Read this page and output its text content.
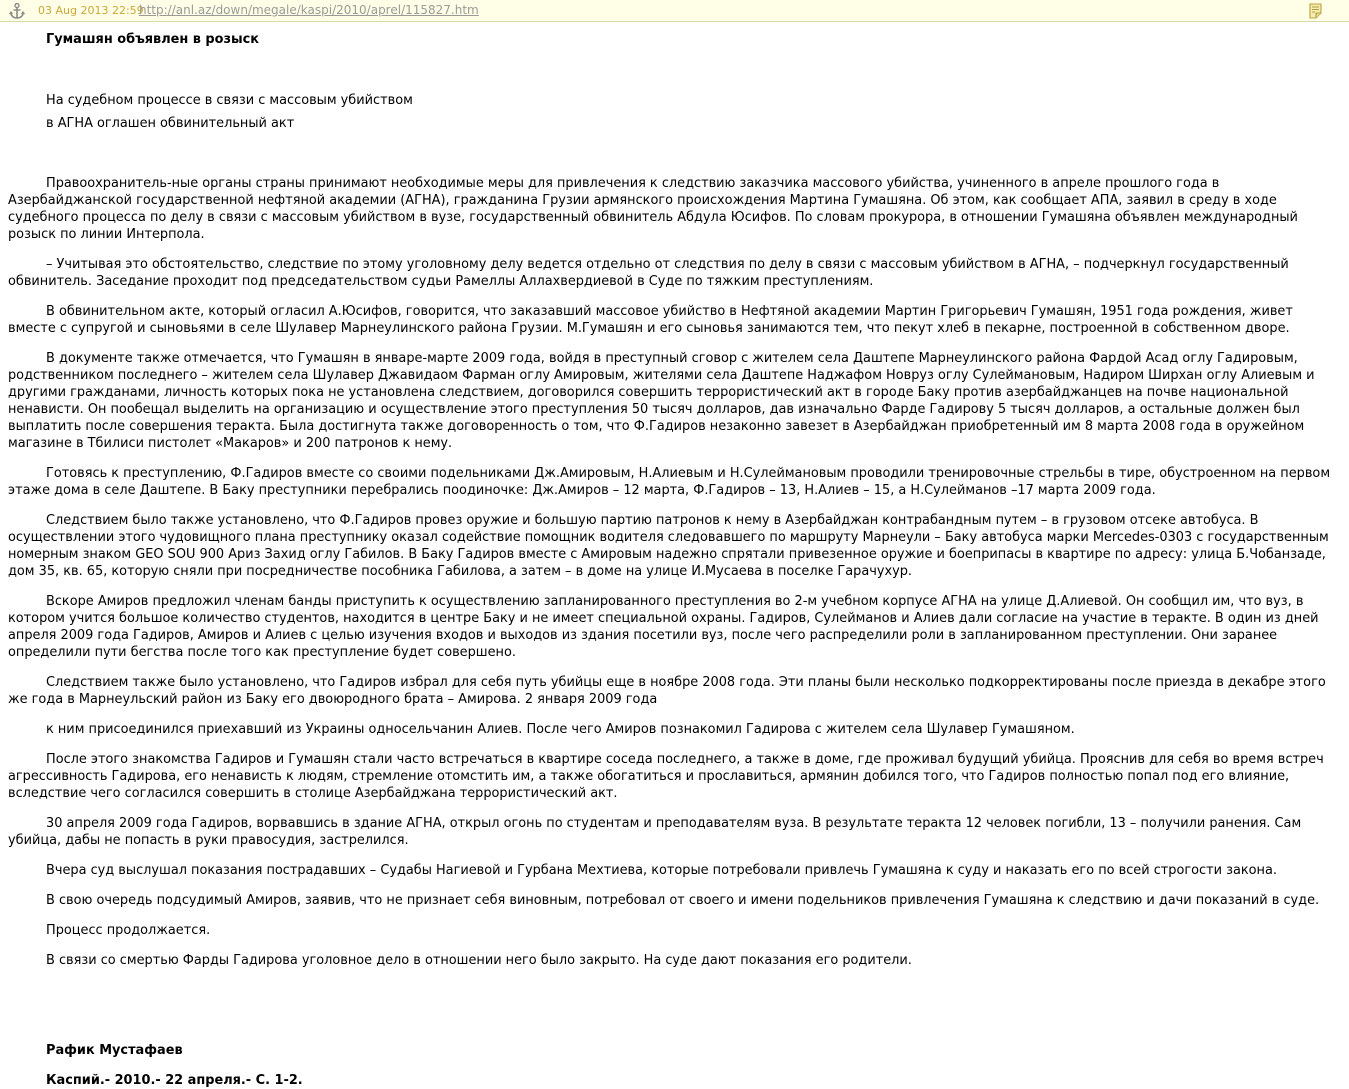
03 Aug 2013 22:59
http://anl.az/down/megale/kaspi/2010/aprel/115827.htm

Гумашян объявлен в розыск

На судебном процессе в связи с массовым убийством

в АГНА оглашен обвинительный акт

Правоохранитель-ные органы страны принимают необходимые меры для привлечения к следствию заказчика массового убийства, учиненного в апреле прошлого года в Азербайджанской государственной нефтяной академии (АГНА), гражданина Грузии армянского происхождения Мартина Гумашяна. Об этом, как сообщает АПА, заявил в среду в ходе судебного процесса по делу в связи с массовым убийством в вузе, государственный обвинитель Абдула Юсифов. По словам прокурора, в отношении Гумашяна объявлен международный розыск по линии Интерпола.

– Учитывая это обстоятельство, следствие по этому уголовному делу ведется отдельно от следствия по делу в связи с массовым убийством в АГНА, – подчеркнул государственный обвинитель. Заседание проходит под председательством судьи Рамеллы Аллахвердиевой в Суде по тяжким преступлениям.

В обвинительном акте, который огласил А.Юсифов, говорится, что заказавший массовое убийство в Нефтяной академии Мартин Григорьевич Гумашян, 1951 года рождения, живет вместе с супругой и сыновьями в селе Шулавер Марнеулинского района Грузии. М.Гумашян и его сыновья занимаются тем, что пекут хлеб в пекарне, построенной в собственном дворе.

В документе также отмечается, что Гумашян в январе-марте 2009 года, войдя в преступный сговор с жителем села Даштепе Марнеулинского района Фардой Асад оглу Гадировым, родственником последнего – жителем села Шулавер Джавидаом Фарман оглу Амировым, жителями села Даштепе Наджафом Новруз оглу Сулеймановым, Надиром Ширхан оглу Алиевым и другими гражданами, личность которых пока не установлена следствием, договорился совершить террористический акт в городе Баку против азербайджанцев на почве национальной ненависти. Он пообещал выделить на организацию и осуществление этого преступления 50 тысяч долларов, дав изначально Фарде Гадирову 5 тысяч долларов, а остальные должен был выплатить после совершения теракта. Была достигнута также договоренность о том, что Ф.Гадиров незаконно завезет в Азербайджан приобретенный им 8 марта 2008 года в оружейном магазине в Тбилиси пистолет «Макаров» и 200 патронов к нему.

Готовясь к преступлению, Ф.Гадиров вместе со своими подельниками Дж.Амировым, Н.Алиевым и Н.Сулеймановым проводили тренировочные стрельбы в тире, обустроенном на первом этаже дома в селе Даштепе. В Баку преступники перебрались поодиночке: Дж.Амиров – 12 марта, Ф.Гадиров – 13, Н.Алиев – 15, а Н.Сулейманов –17 марта 2009 года.

Следствием было также установлено, что Ф.Гадиров провез оружие и большую партию патронов к нему в Азербайджан контрабандным путем – в грузовом отсеке автобуса. В осуществлении этого чудовищного плана преступнику оказал содействие помощник водителя следовавшего по маршруту Марнеули – Баку автобуса марки Mercedes-0303 с государственным номерным знаком GEO SOU 900 Ариз Захид оглу Габилов. В Баку Гадиров вместе с Амировым надежно спрятали привезенное оружие и боеприпасы в квартире по адресу: улица Б.Чобанзаде, дом 35, кв. 65, которую сняли при посредничестве пособника Габилова, а затем – в доме на улице И.Мусаева в поселке Гарачухур.

Вскоре Амиров предложил членам банды приступить к осуществлению запланированного преступления во 2-м учебном корпусе АГНА на улице Д.Алиевой. Он сообщил им, что вуз, в котором учится большое количество студентов, находится в центре Баку и не имеет специальной охраны. Гадиров, Сулейманов и Алиев дали согласие на участие в теракте. В один из дней апреля 2009 года Гадиров, Амиров и Алиев с целью изучения входов и выходов из здания посетили вуз, после чего распределили роли в запланированном преступлении. Они заранее определили пути бегства после того как преступление будет совершено.

Следствием также было установлено, что Гадиров избрал для себя путь убийцы еще в ноябре 2008 года. Эти планы были несколько подкорректированы после приезда в декабре этого же года в Марнеульский район из Баку его двоюродного брата – Амирова. 2 января 2009 года

к ним присоединился приехавший из Украины односельчанин Алиев. После чего Амиров познакомил Гадирова с жителем села Шулавер Гумашяном.

После этого знакомства Гадиров и Гумашян стали часто встречаться в квартире соседа последнего, а также в доме, где проживал будущий убийца. Прояснив для себя во время встреч агрессивность Гадирова, его ненависть к людям, стремление отомстить им, а также обогатиться и прославиться, армянин добился того, что Гадиров полностью попал под его влияние, вследствие чего согласился совершить в столице Азербайджана террористический акт.

30 апреля 2009 года Гадиров, ворвавшись в здание АГНА, открыл огонь по студентам и преподавателям вуза. В результате теракта 12 человек погибли, 13 – получили ранения. Сам убийца, дабы не попасть в руки правосудия, застрелился.

Вчера суд выслушал показания пострадавших – Судабы Нагиевой и Гурбана Мехтиева, которые потребовали привлечь Гумашяна к суду и наказать его по всей строгости закона.

В свою очередь подсудимый Амиров, заявив, что не признает себя виновным, потребовал от своего и имени подельников привлечения Гумашяна к следствию и дачи показаний в суде.

Процесс продолжается.

В связи со смертью Фарды Гадирова уголовное дело в отношении него было закрыто. На суде дают показания его родители.

Рафик Мустафаев

Каспий.- 2010.- 22 апреля.- С. 1-2.
